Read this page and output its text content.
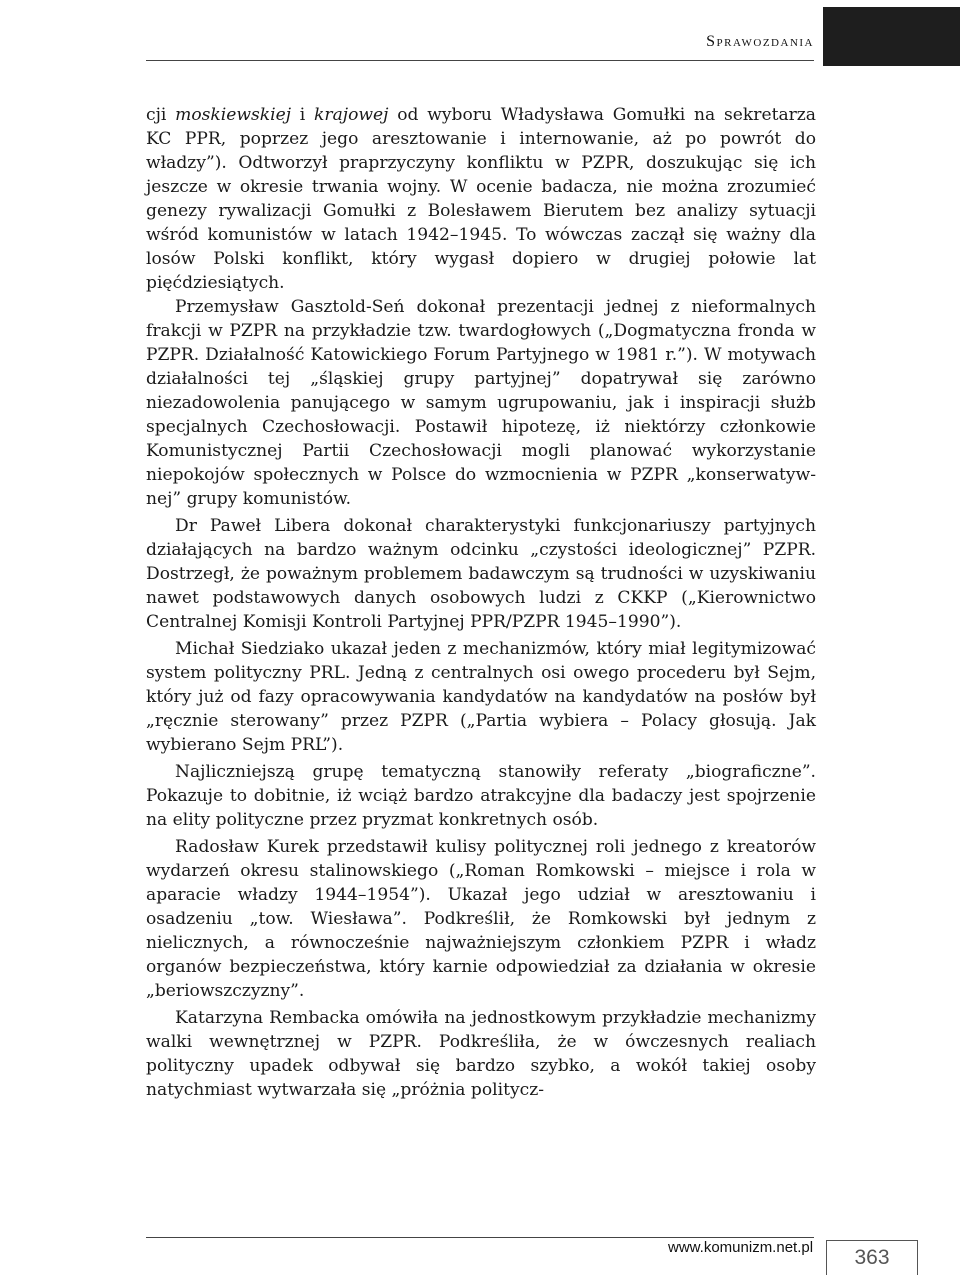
Sprawozdania

cji moskiewskiej i krajowej od wyboru Władysława Gomułki na sekretarza KC PPR, poprzez jego aresztowanie i internowanie, aż po powrót do władzy”). Odtworzył praprzyczyny konfliktu w PZPR, doszukując się ich jeszcze w okresie trwania wojny. W ocenie badacza, nie można zrozumieć genezy rywalizacji Gomułki z Bolesławem Bierutem bez analizy sytuacji wśród komunistów w latach 1942–1945. To wówczas zaczął się ważny dla losów Polski konflikt, który wygasł dopiero w drugiej połowie lat pięćdziesiątych.

Przemysław Gasztold-Seń dokonał prezentacji jednej z nieformalnych frakcji w PZPR na przykładzie tzw. twardogłowych („Dogmatyczna fronda w PZPR. Działalność Katowickiego Forum Partyjnego w 1981 r.”). W motywach działalności tej „śląskiej grupy partyjnej” dopatrywał się zarówno niezadowolenia panującego w samym ugrupowaniu, jak i inspiracji służb specjalnych Czechosłowacji. Postawił hipotezę, iż niektórzy członkowie Komunistycznej Partii Czechosłowacji mogli planować wykorzystanie niepokojów społecznych w Polsce do wzmocnienia w PZPR „konserwatywnej” grupy komunistów.

Dr Paweł Libera dokonał charakterystyki funkcjonariuszy partyjnych działających na bardzo ważnym odcinku „czystości ideologicznej” PZPR. Dostrzegł, że poważnym problemem badawczym są trudności w uzyskiwaniu nawet podstawowych danych osobowych ludzi z CKKP („Kierownictwo Centralnej Komisji Kontroli Partyjnej PPR/PZPR 1945–1990”).

Michał Siedziako ukazał jeden z mechanizmów, który miał legitymizować system polityczny PRL. Jedną z centralnych osi owego procederu był Sejm, który już od fazy opracowywania kandydatów na kandydatów na posłów był „ręcznie sterowany” przez PZPR („Partia wybiera – Polacy głosują. Jak wybierano Sejm PRL”).

Najliczniejszą grupę tematyczną stanowiły referaty „biograficzne”. Pokazuje to dobitnie, iż wciąż bardzo atrakcyjne dla badaczy jest spojrzenie na elity polityczne przez pryzmat konkretnych osób.

Radosław Kurek przedstawił kulisy politycznej roli jednego z kreatorów wydarzeń okresu stalinowskiego („Roman Romkowski – miejsce i rola w aparacie władzy 1944–1954”). Ukazał jego udział w aresztowaniu i osadzeniu „tow. Wiesława”. Podkreślił, że Romkowski był jednym z nielicznych, a równocześnie najważniejszym członkiem PZPR i władz organów bezpieczeństwa, który karnie odpowiedział za działania w okresie „beriowszczyzny”.

Katarzyna Rembacka omówiła na jednostkowym przykładzie mechanizmy walki wewnętrznej w PZPR. Podkreśliła, że w ówczesnych realiach polityczny upadek odbywał się bardzo szybko, a wokół takiej osoby natychmiast wytwarzała się „próżnia politycz-

www.komunizm.net.pl	363
